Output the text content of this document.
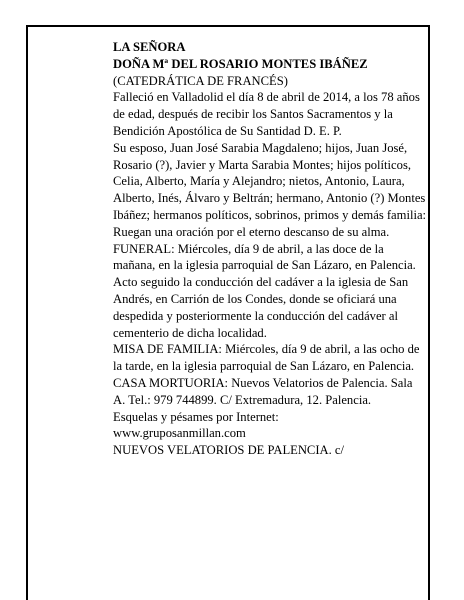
LA SEÑORA

DOÑA Mª DEL ROSARIO MONTES IBÁÑEZ

(CATEDRÁTICA DE FRANCÉS)

Falleció en Valladolid el día 8 de abril de 2014, a los 78 años de edad, después de recibir los Santos Sacramentos y la Bendición Apostólica de Su Santidad D. E. P.

Su esposo, Juan José Sarabia Magdaleno; hijos, Juan José, Rosario (?), Javier y Marta Sarabia Montes; hijos políticos, Celia, Alberto, María y Alejandro; nietos, Antonio, Laura, Alberto, Inés, Álvaro y Beltrán; hermano, Antonio (?) Montes Ibáñez; hermanos políticos, sobrinos, primos y demás familia:

Ruegan una oración por el eterno descanso de su alma.

FUNERAL: Miércoles, día 9 de abril, a las doce de la mañana, en la iglesia parroquial de San Lázaro, en Palencia. Acto seguido la conducción del cadáver a la iglesia de San Andrés, en Carrión de los Condes, donde se oficiará una despedida y posteriormente la conducción del cadáver al cementerio de dicha localidad.

MISA DE FAMILIA: Miércoles, día 9 de abril, a las ocho de la tarde, en la iglesia parroquial de San Lázaro, en Palencia.

CASA MORTUORIA: Nuevos Velatorios de Palencia. Sala A. Tel.: 979 744899. C/ Extremadura, 12. Palencia.

Esquelas y pésames por Internet:

www.gruposanmillan.com

NUEVOS VELATORIOS DE PALENCIA. c/
